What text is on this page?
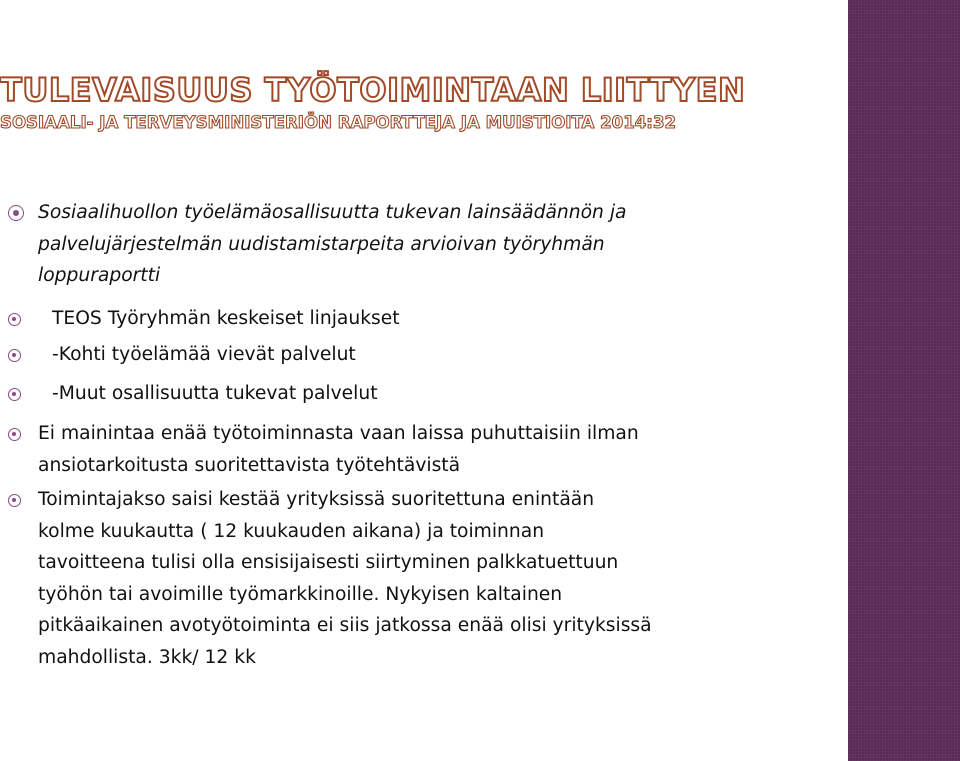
TULEVAISUUS TYÖTOIMINTAAN LIITTYEN
SOSIAALI- JA TERVEYSMINISTERIÖN RAPORTTEJA JA MUISTIOITA 2014:32
Sosiaalihuollon työelämäosallisuutta tukevan lainsäädännön ja
palvelujärjestelmän uudistamistarpeita arvioivan työryhmän
loppuraportti
TEOS Työryhmän keskeiset linjaukset
-Kohti työelämää vievät palvelut
-Muut osallisuutta tukevat palvelut
Ei mainintaa enää työtoiminnasta vaan laissa puhuttaisiin ilman
ansiotarkoitusta suoritettavista työtehtävistä
Toimintajakso saisi kestää yrityksissä suoritettuna enintään
kolme kuukautta ( 12 kuukauden aikana) ja toiminnan
tavoitteena tulisi olla ensisijaisesti siirtyminen palkkatuettuun
työhön tai avoimille työmarkkinoille. Nykyisen kaltainen
pitkäaikainen avotyötoiminta ei siis jatkossa enää olisi yrityksissä
mahdollista. 3kk/ 12 kk
